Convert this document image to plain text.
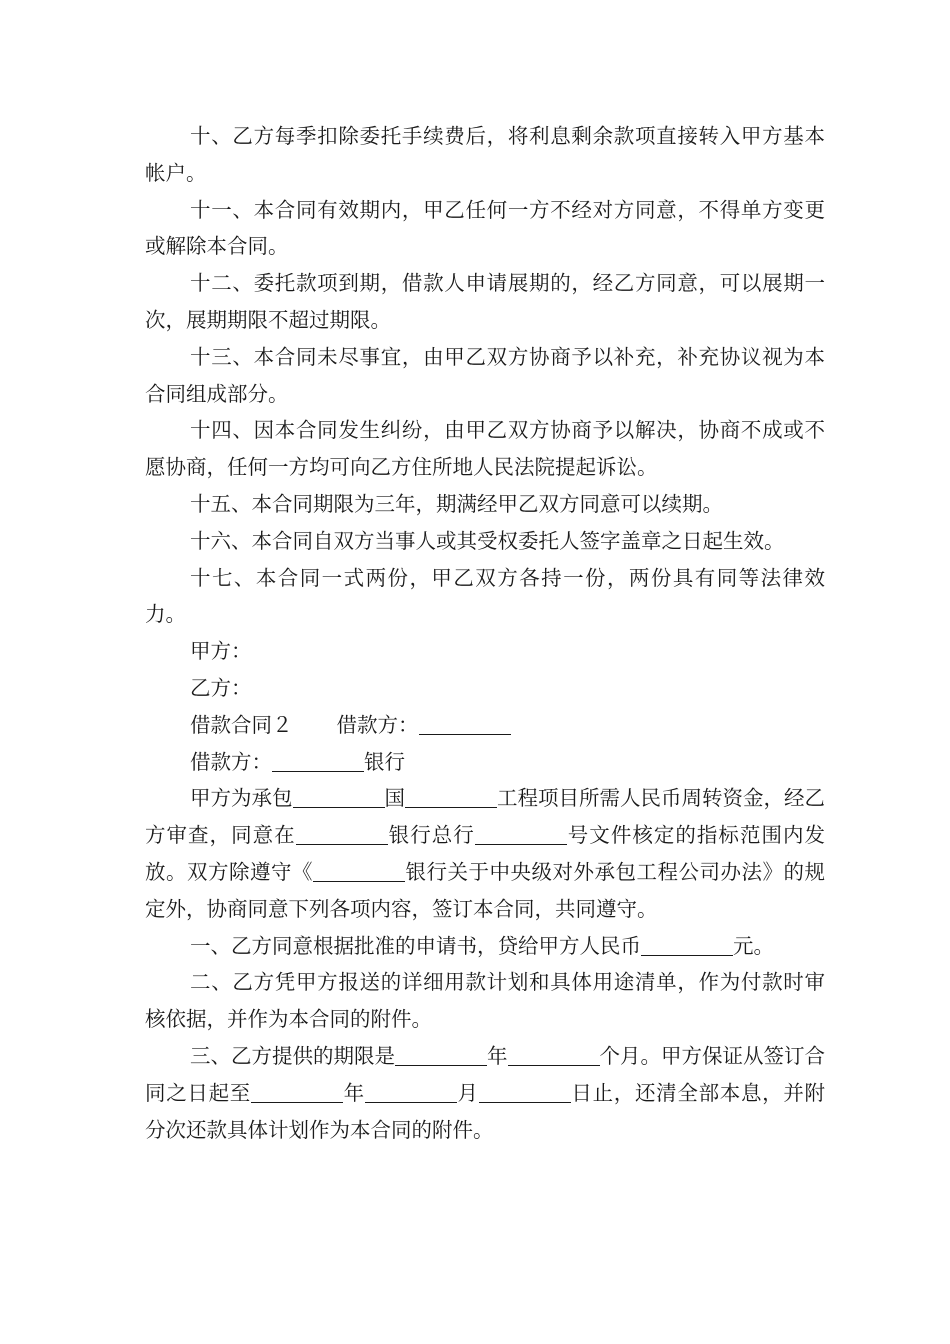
十、乙方每季扣除委托手续费后，将利息剩余款项直接转入甲方基本帐户。

十一、本合同有效期内，甲乙任何一方不经对方同意，不得单方变更或解除本合同。

十二、委托款项到期，借款人申请展期的，经乙方同意，可以展期一次，展期期限不超过期限。

十三、本合同未尽事宜，由甲乙双方协商予以补充，补充协议视为本合同组成部分。

十四、因本合同发生纠纷，由甲乙双方协商予以解决，协商不成或不愿协商，任何一方均可向乙方住所地人民法院提起诉讼。

十五、本合同期限为三年，期满经甲乙双方同意可以续期。

十六、本合同自双方当事人或其受权委托人签字盖章之日起生效。

十七、本合同一式两份，甲乙双方各持一份，两份具有同等法律效力。

甲方：

乙方：

借款合同２ 借款方：

借款方：	银行

甲方为承包	国	工程项目所需人民币周转资金，经乙方审查，同意在	银行总行	号文件核定的指标范围内发放。双方除遵守《	银行关于中央级对外承包工程公司办法》的规定外，协商同意下列各项内容，签订本合同，共同遵守。

一、乙方同意根据批准的申请书，贷给甲方人民币	元。

二、乙方凭甲方报送的详细用款计划和具体用途清单，作为付款时审核依据，并作为本合同的附件。

三、乙方提供的期限是	年	个月。甲方保证从签订合同之日起至	年	月	日止，还清全部本息，并附分次还款具体计划作为本合同的附件。
